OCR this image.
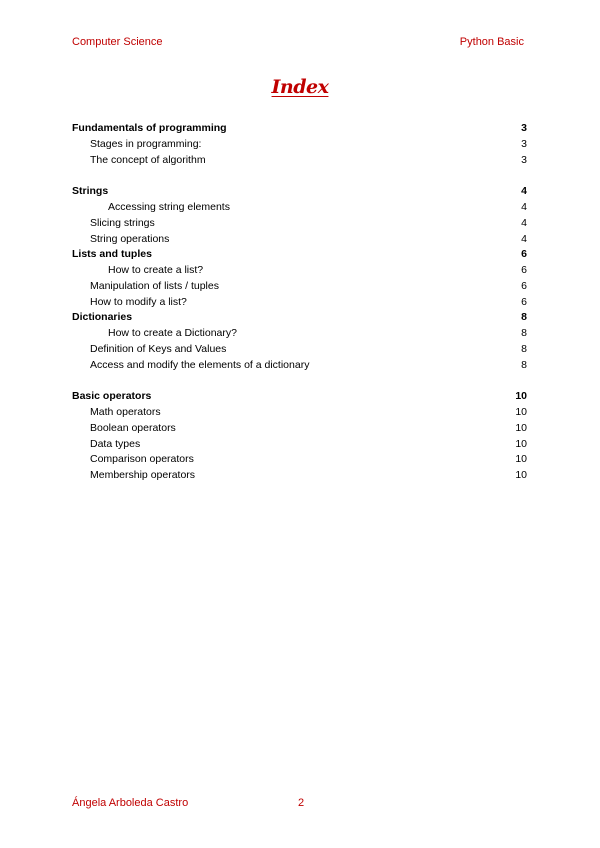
Computer Science	Python Basic
Index
Fundamentals of programming	3
Stages in programming:	3
The concept of algorithm	3
Strings	4
Accessing string elements	4
Slicing strings	4
String operations	4
Lists and tuples	6
How to create a list?	6
Manipulation of lists / tuples	6
How to modify a list?	6
Dictionaries	8
How to create a Dictionary?	8
Definition of Keys and Values	8
Access and modify the elements of a dictionary	8
Basic operators	10
Math operators	10
Boolean operators	10
Data types	10
Comparison operators	10
Membership operators	10
Ángela Arboleda Castro	2
